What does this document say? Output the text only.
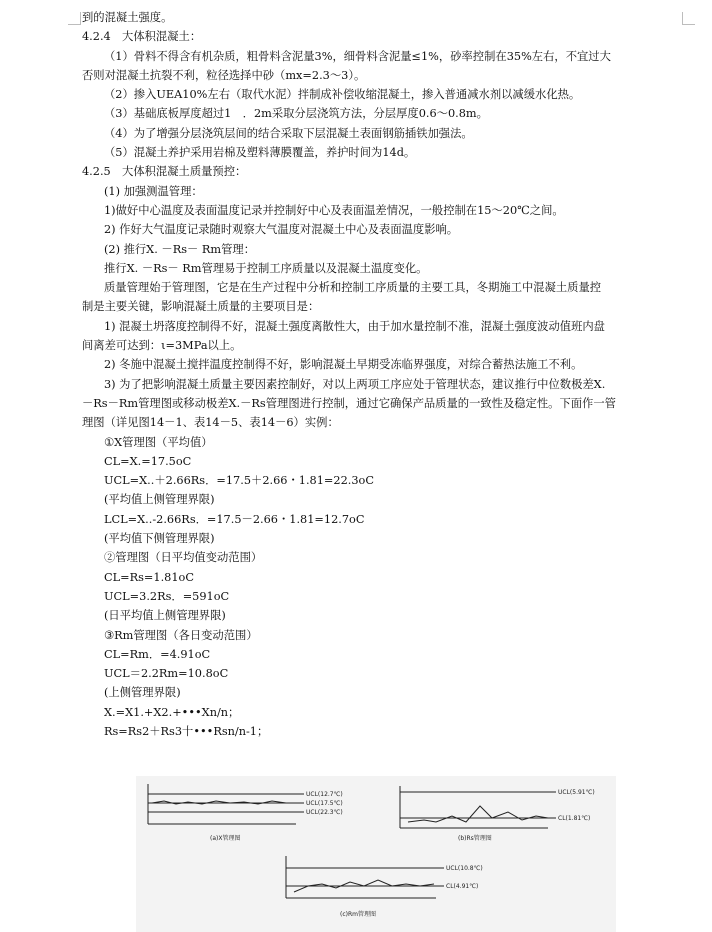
到的混凝土强度。
4.2.4　大体积混凝土：
（1）骨料不得含有机杂质，粗骨料含泥量3%，细骨料含泥量≤1%，砂率控制在35%左右，不宜过大
否则对混凝土抗裂不利，粒径选择中砂（mx=2.3～3）。
（2）掺入UEA10%左右（取代水泥）拌制成补偿收缩混凝土，掺入普通减水剂以减缓水化热。
（3）基础底板厚度超过1　．2m采取分层浇筑方法，分层厚度0.6～0.8m。
（4）为了增强分层浇筑层间的结合采取下层混凝土表面钢筋插铁加强法。
（5）混凝土养护采用岩棉及塑料薄膜覆盖，养护时间为14d。
4.2.5　大体积混凝土质量预控：
(1) 加强测温管理：
1)做好中心温度及表面温度记录并控制好中心及表面温差情况，一般控制在15～20℃之间。
2) 作好大气温度记录随时观察大气温度对混凝土中心及表面温度影响。
(2) 推行X. －Rs－ Rm管理：
推行X. －Rs－ Rm管理易于控制工序质量以及混凝土温度变化。
质量管理始于管理图，它是在生产过程中分析和控制工序质量的主要工具，冬期施工中混凝土质量控
制是主要关键，影响混凝土质量的主要项目是：
1) 混凝土坍落度控制得不好，混凝土强度离散性大，由于加水量控制不准，混凝土强度波动值班内盘
间离差可达到：ι=3MPa以上。
2) 冬施中混凝土搅拌温度控制得不好，影响混凝土早期受冻临界强度，对综合蓄热法施工不利。
3) 为了把影响混凝土质量主要因素控制好，对以上两项工序应处于管理状态，建议推行中位数极差X.
－Rs－Rm管理图或移动极差X.－Rs管理图进行控制，通过它确保产品质量的一致性及稳定性。下面作一管
理图（详见图14－1、表14－5、表14－6）实例：
①X管理图（平均值）
CL=X.=17.5oC
UCL=X..＋2.66Rs．=17.5＋2.66・1.81=22.3oC
(平均值上侧管理界限)
LCL=X..-2.66Rs．=17.5－2.66・1.81=12.7oC
(平均值下侧管理界限)
②管理图（日平均值变动范围）
CL=Rs=1.81oC
UCL=3.2Rs．=591oC
(日平均值上侧管理界限)
③Rm管理图（各日变动范围）
CL=Rm．=4.91oC
UCL＝2.2Rm=10.8oC
(上侧管理界限)
X.=X1.+X2.+•••Xn/n；
Rs=Rs2＋Rs3十•••Rsn/n-1；
UCL(12.7℃)
UCL(17.5℃)
UCL(22.3℃)
(a)X管理图
UCL(5.91℃)
CL(1.81℃)
(b)Rs管理图
UCL(10.8℃)
CL(4.91℃)
(c)Rm管理图
